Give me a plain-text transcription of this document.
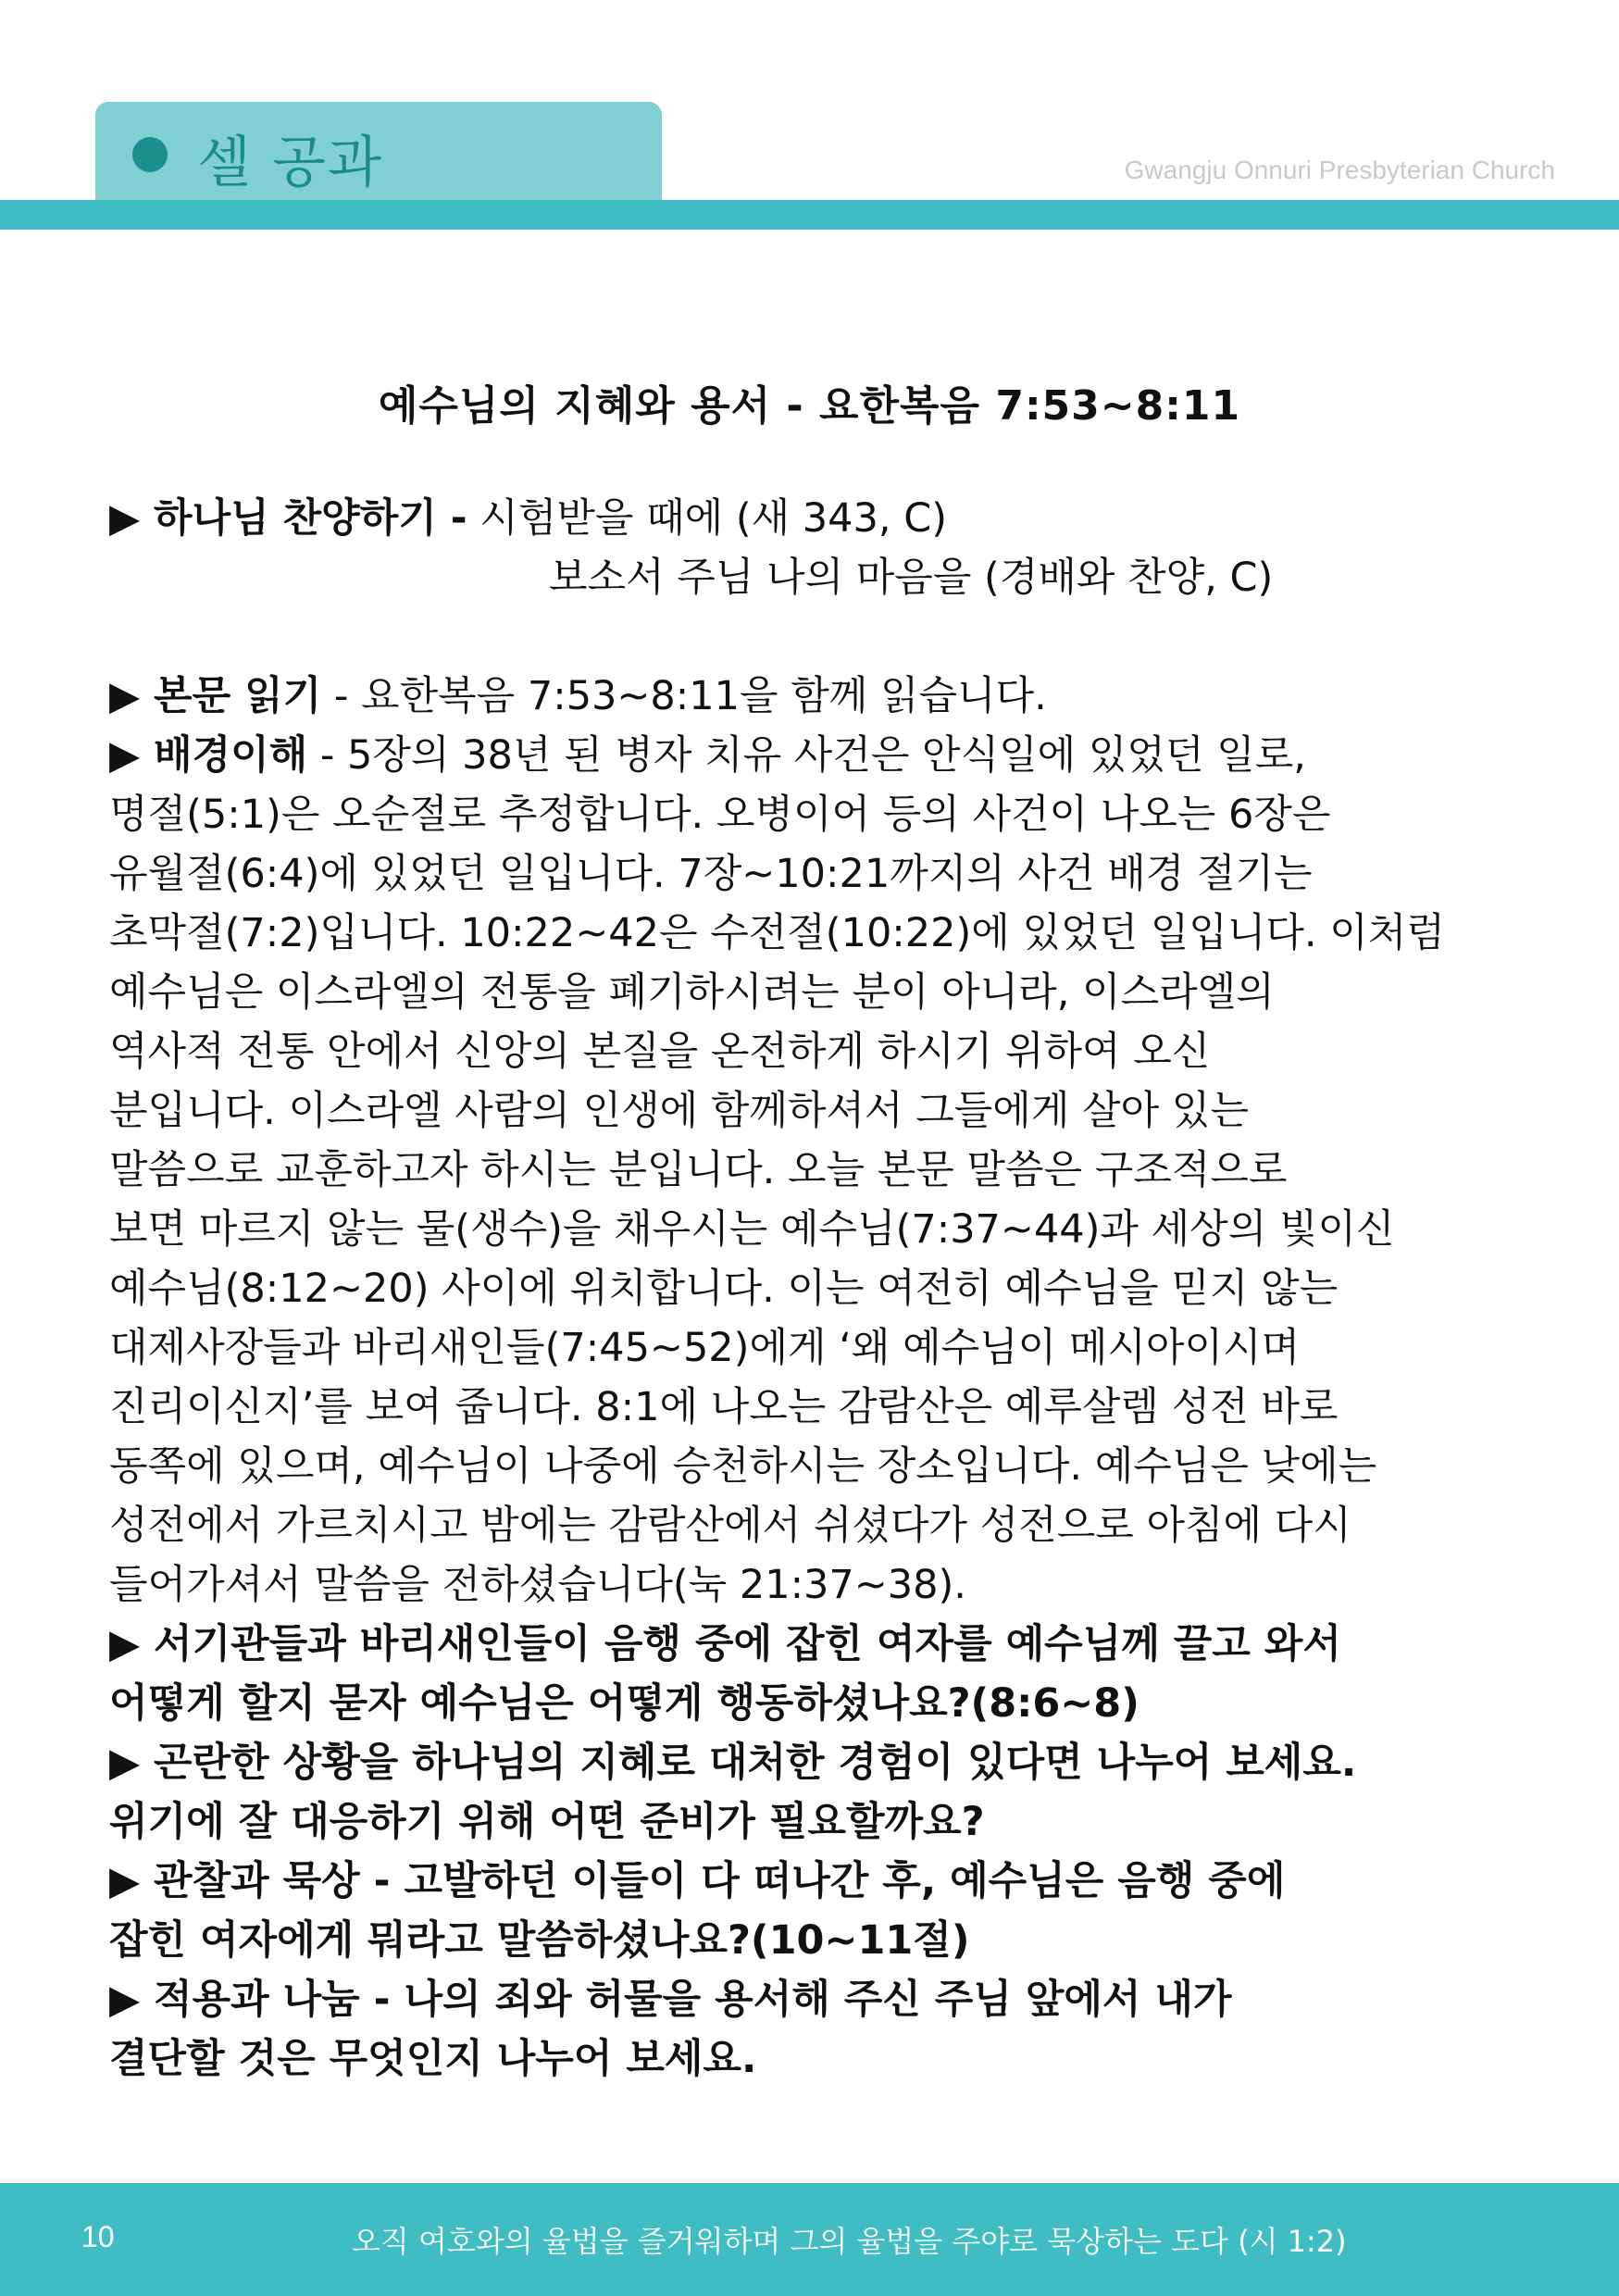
셀 공과	Gwangju Onnuri Presbyterian Church
예수님의 지혜와 용서 - 요한복음 7:53~8:11
▶ 하나님 찬양하기 - 시험받을 때에 (새 343, C)
보소서 주님 나의 마음을 (경배와 찬양, C)
▶ 본문 읽기 - 요한복음 7:53~8:11을 함께 읽습니다.
▶ 배경이해 - 5장의 38년 된 병자 치유 사건은 안식일에 있었던 일로,
명절(5:1)은 오순절로 추정합니다. 오병이어 등의 사건이 나오는 6장은
유월절(6:4)에 있었던 일입니다. 7장~10:21까지의 사건 배경 절기는
초막절(7:2)입니다. 10:22~42은 수전절(10:22)에 있었던 일입니다. 이처럼
예수님은 이스라엘의 전통을 폐기하시려는 분이 아니라, 이스라엘의
역사적 전통 안에서 신앙의 본질을 온전하게 하시기 위하여 오신
분입니다. 이스라엘 사람의 인생에 함께하셔서 그들에게 살아 있는
말씀으로 교훈하고자 하시는 분입니다. 오늘 본문 말씀은 구조적으로
보면 마르지 않는 물(생수)을 채우시는 예수님(7:37~44)과 세상의 빛이신
예수님(8:12~20) 사이에 위치합니다. 이는 여전히 예수님을 믿지 않는
대제사장들과 바리새인들(7:45~52)에게 ‘왜 예수님이 메시아이시며
진리이신지’를 보여 줍니다. 8:1에 나오는 감람산은 예루살렘 성전 바로
동쪽에 있으며, 예수님이 나중에 승천하시는 장소입니다. 예수님은 낮에는
성전에서 가르치시고 밤에는 감람산에서 쉬셨다가 성전으로 아침에 다시
들어가셔서 말씀을 전하셨습니다(눅 21:37~38).
▶ 서기관들과 바리새인들이 음행 중에 잡힌 여자를 예수님께 끌고 와서
어떻게 할지 묻자 예수님은 어떻게 행동하셨나요?(8:6~8)
▶ 곤란한 상황을 하나님의 지혜로 대처한 경험이 있다면 나누어 보세요.
위기에 잘 대응하기 위해 어떤 준비가 필요할까요?
▶ 관찰과 묵상 - 고발하던 이들이 다 떠나간 후, 예수님은 음행 중에
잡힌 여자에게 뭐라고 말씀하셨나요?(10~11절)
▶ 적용과 나눔 - 나의 죄와 허물을 용서해 주신 주님 앞에서 내가
결단할 것은 무엇인지 나누어 보세요.
10	오직 여호와의 율법을 즐거워하며 그의 율법을 주야로 묵상하는 도다 (시 1:2)
